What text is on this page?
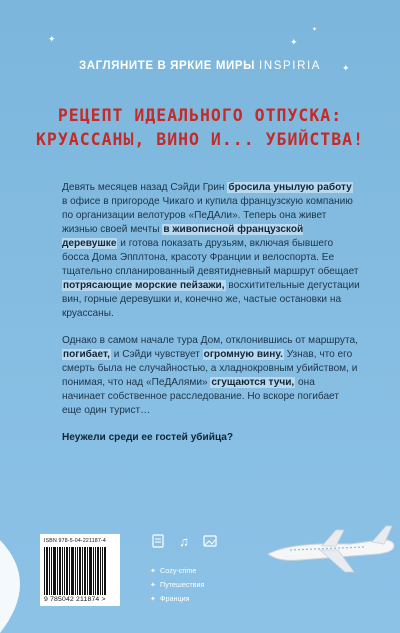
✦	✦
✦
✦
ЗАГЛЯНИТЕ В ЯРКИЕ МИРЫ INSPIRIA
РЕЦЕПТ ИДЕАЛЬНОГО ОТПУСКА:
КРУАССАНЫ, ВИНО И... УБИЙСТВА!

Девять месяцев назад Сэйди Грин бросила унылую работу в офисе в пригороде Чикаго и купила французскую компанию по организации велотуров «ПеДАли». Теперь она живет жизнью своей мечты в живописной французской деревушке и готова показать друзьям, включая бывшего босса Дома Эпплтона, красоту Франции и велоспорта. Ее тщательно спланированный девятидневный маршрут обещает потрясающие морские пейзажи, восхитительные дегустации вин, горные деревушки и, конечно же, частые остановки на круассаны.

Однако в самом начале тура Дом, отклонившись от маршрута, погибает, и Сэйди чувствует огромную вину. Узнав, что его смерть была не случайностью, а хладнокровным убийством, и понимая, что над «ПеДАлями» сгущаются тучи, она начинает собственное расследование. Но вскоре погибает еще один турист…

Неужели среди ее гостей убийца?

ISBN 978-5-04-221187-4
9 785042 211874 >
♫
✦ Cozy-crime
✦ Путешествия
✦ Франция
